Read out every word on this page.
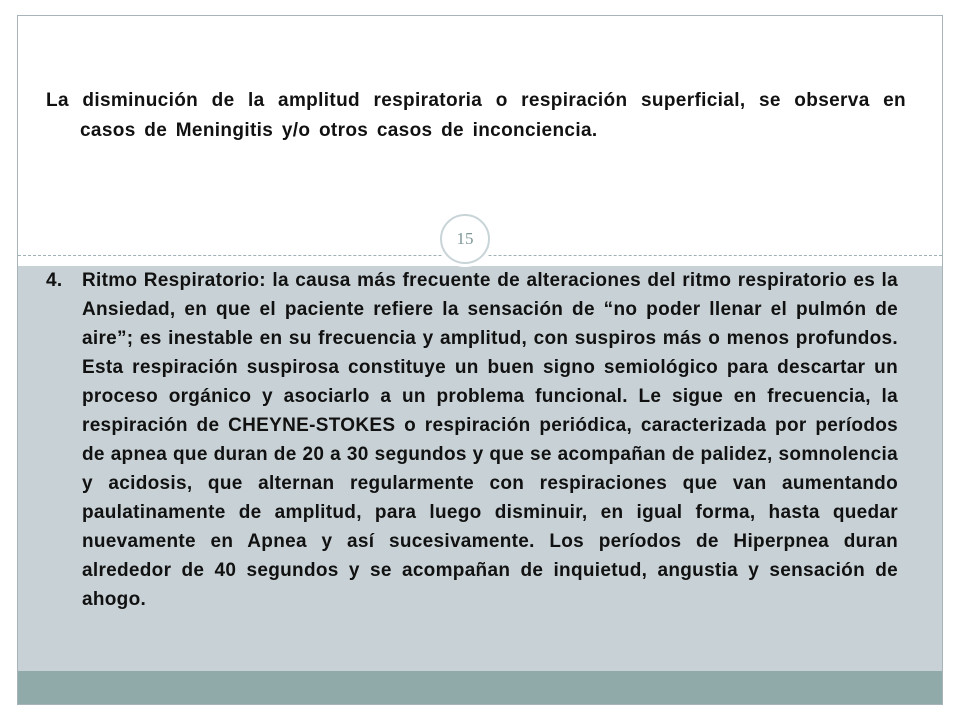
La disminución de la amplitud respiratoria o respiración superficial, se observa en casos de Meningitis y/o otros casos de inconciencia.

15
4.	Ritmo Respiratorio: la causa más frecuente de alteraciones del ritmo respiratorio es la Ansiedad, en que el paciente refiere la sensación de “no poder llenar el pulmón de aire”; es inestable en su frecuencia y amplitud, con suspiros más o menos profundos. Esta respiración suspirosa constituye un buen signo semiológico para descartar un proceso orgánico y asociarlo a un problema funcional. Le sigue en frecuencia, la respiración de CHEYNE-STOKES o respiración periódica, caracterizada por períodos de apnea que duran de 20 a 30 segundos y que se acompañan de palidez, somnolencia y acidosis, que alternan regularmente con respiraciones que van aumentando paulatinamente de amplitud, para luego disminuir, en igual forma, hasta quedar nuevamente en Apnea y así sucesivamente. Los períodos de Hiperpnea duran alrededor de 40 segundos y se acompañan de inquietud, angustia y sensación de ahogo.
